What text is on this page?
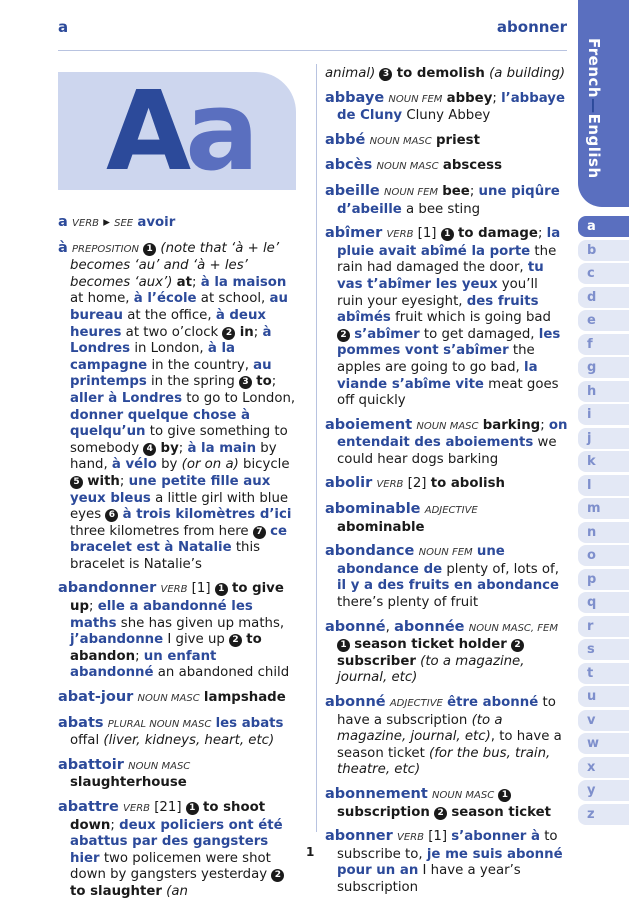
a	abonner
Aa
a VERB ▸ SEE avoir
à PREPOSITION 1 (note that ‘à + le’ becomes ‘au’ and ‘à + les’ becomes ‘aux’) at; à la maison at home, à l’école at school, au bureau at the office, à deux heures at two o’clock 2 in; à Londres in London, à la campagne in the country, au printemps in the spring 3 to; aller à Londres to go to London, donner quelque chose à quelqu’un to give something to somebody 4 by; à la main by hand, à vélo by (or on a) bicycle 5 with; une petite fille aux yeux bleus a little girl with blue eyes 6 à trois kilomètres d’ici three kilometres from here 7 ce bracelet est à Natalie this bracelet is Natalie’s
abandonner VERB [1] 1 to give up; elle a abandonné les maths she has given up maths, j’abandonne I give up 2 to abandon; un enfant abandonné an abandoned child
abat-jour NOUN MASC lampshade
abats PLURAL NOUN MASC les abats offal (liver, kidneys, heart, etc)
abattoir NOUN MASC slaughterhouse
abattre VERB [21] 1 to shoot down; deux policiers ont été abattus par des gangsters hier two policemen were shot down by gangsters yesterday 2 to slaughter (an
animal) 3 to demolish (a building)
abbaye NOUN FEM abbey; l’abbaye de Cluny Cluny Abbey
abbé NOUN MASC priest
abcès NOUN MASC abscess
abeille NOUN FEM bee; une piqûre d’abeille a bee sting
abîmer VERB [1] 1 to damage; la pluie avait abîmé la porte the rain had damaged the door, tu vas t’abîmer les yeux you’ll ruin your eyesight, des fruits abîmés fruit which is going bad 2 s’abîmer to get damaged, les pommes vont s’abîmer the apples are going to go bad, la viande s’abîme vite meat goes off quickly
aboiement NOUN MASC barking; on entendait des aboiements we could hear dogs barking
abolir VERB [2] to abolish
abominable ADJECTIVE abominable
abondance NOUN FEM une abondance de plenty of, lots of, il y a des fruits en abondance there’s plenty of fruit
abonné, abonnée NOUN MASC, FEM 1 season ticket holder 2 subscriber (to a magazine, journal, etc)
abonné ADJECTIVE être abonné to have a subscription (to a magazine, journal, etc), to have a season ticket (for the bus, train, theatre, etc)
abonnement NOUN MASC 1 subscription 2 season ticket
abonner VERB [1] s’abonner à to subscribe to, je me suis abonné pour un an I have a year’s subscription
French—English
a
b
c
d
e
f
g
h
i
j
k
l
m
n
o
p
q
r
s
t
u
v
w
x
y
z
1
